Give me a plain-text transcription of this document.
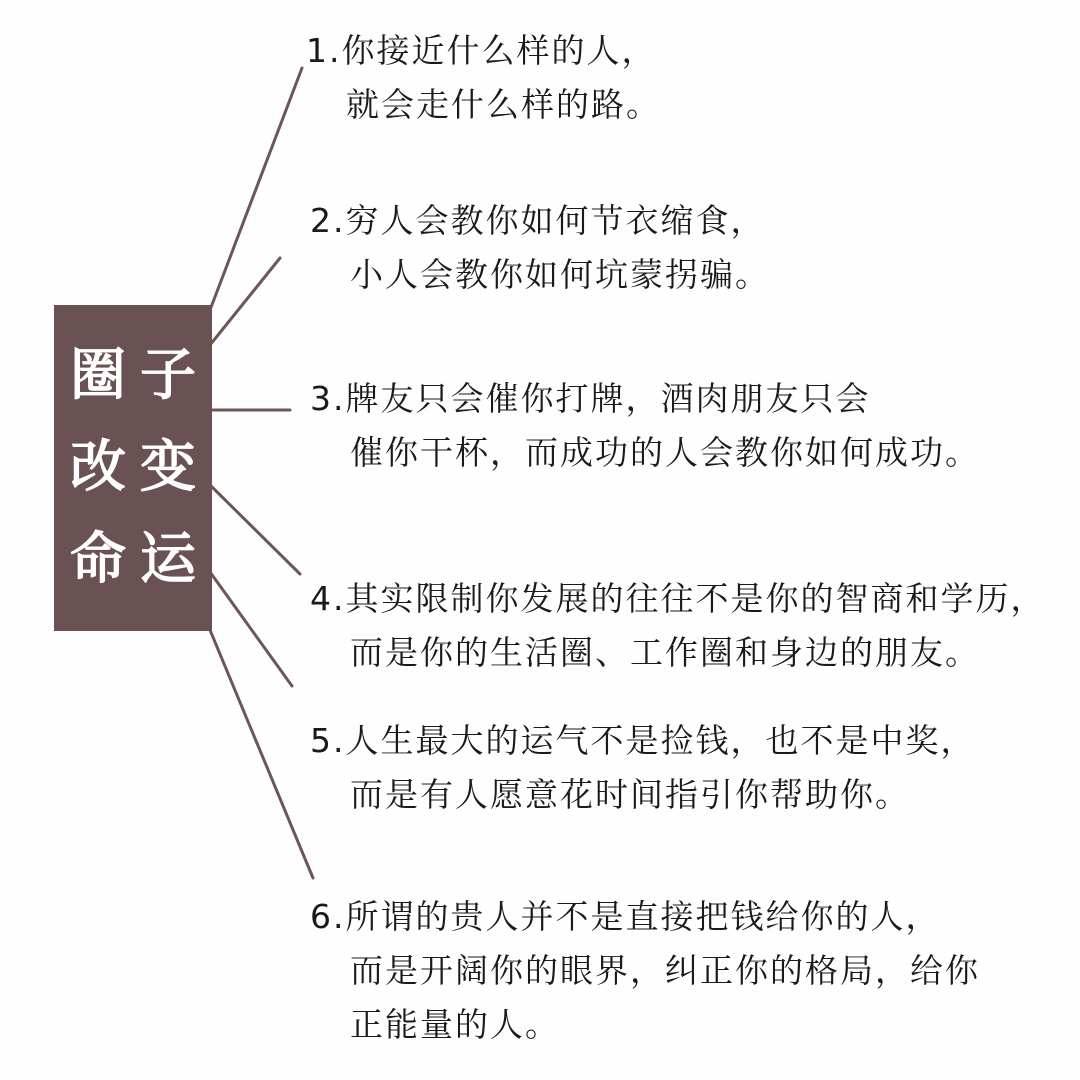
圈 子
改 变
命 运
1.你接近什么样的人，
就会走什么样的路。
2.穷人会教你如何节衣缩食，
小人会教你如何坑蒙拐骗。
3.牌友只会催你打牌，酒肉朋友只会
催你干杯，而成功的人会教你如何成功。
4.其实限制你发展的往往不是你的智商和学历，
而是你的生活圈、工作圈和身边的朋友。
5.人生最大的运气不是捡钱，也不是中奖，
而是有人愿意花时间指引你帮助你。
6.所谓的贵人并不是直接把钱给你的人，
而是开阔你的眼界，纠正你的格局，给你
正能量的人。
